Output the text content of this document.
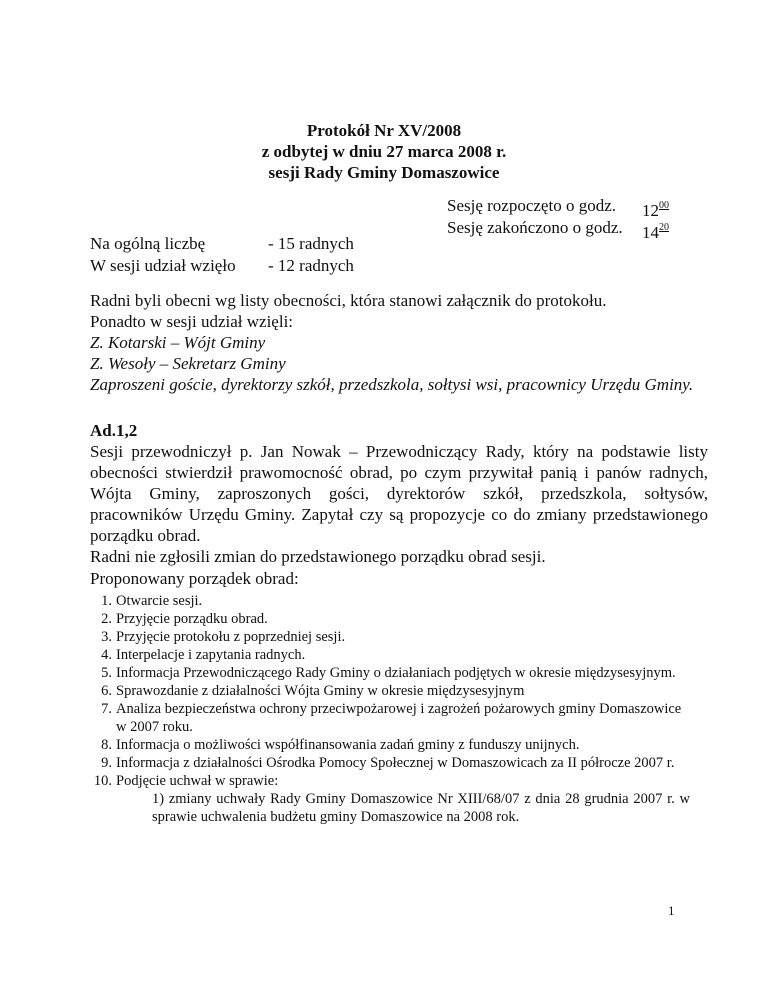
Protokół Nr XV/2008
z odbytej w dniu 27 marca 2008 r.
sesji Rady Gminy Domaszowice
Sesję rozpoczęto o godz. $12^{00}$
Sesję zakończono o godz. $14^{20}$
Na ogólną liczbę	- 15 radnych
W sesji udział wzięło - 12 radnych

Radni byli obecni wg listy obecności, która stanowi załącznik do protokołu.

Ponadto w sesji udział wzięli:

Z. Kotarski – Wójt Gminy

Z. Wesoły – Sekretarz Gminy

Zaproszeni goście, dyrektorzy szkół, przedszkola, sołtysi wsi, pracownicy Urzędu Gminy.

Ad.1,2
Sesji przewodniczył p. Jan Nowak – Przewodniczący Rady, który na podstawie listy obecności stwierdził prawomocność obrad, po czym przywitał panią i panów radnych, Wójta Gminy, zaproszonych gości, dyrektorów szkół, przedszkola, sołtysów, pracowników Urzędu Gminy. Zapytał czy są propozycje co do zmiany przedstawionego porządku obrad.
Radni nie zgłosili zmian do przedstawionego porządku obrad sesji.
Proponowany porządek obrad:
1. Otwarcie sesji.
2. Przyjęcie porządku obrad.
3. Przyjęcie protokołu z poprzedniej sesji.
4. Interpelacje i zapytania radnych.
5. Informacja Przewodniczącego Rady Gminy o działaniach podjętych w okresie międzysesyjnym.
6. Sprawozdanie z działalności Wójta Gminy w okresie międzysesyjnym
7. Analiza bezpieczeństwa ochrony przeciwpożarowej i zagrożeń pożarowych gminy Domaszowice w 2007 roku.
8. Informacja o możliwości współfinansowania zadań gminy z funduszy unijnych.
9. Informacja z działalności Ośrodka Pomocy Społecznej w Domaszowicach za II półrocze 2007 r.
10. Podjęcie uchwał w sprawie:
1) zmiany uchwały Rady Gminy Domaszowice Nr XIII/68/07 z dnia 28 grudnia 2007 r. w sprawie uchwalenia budżetu gminy Domaszowice na 2008 rok.
1
